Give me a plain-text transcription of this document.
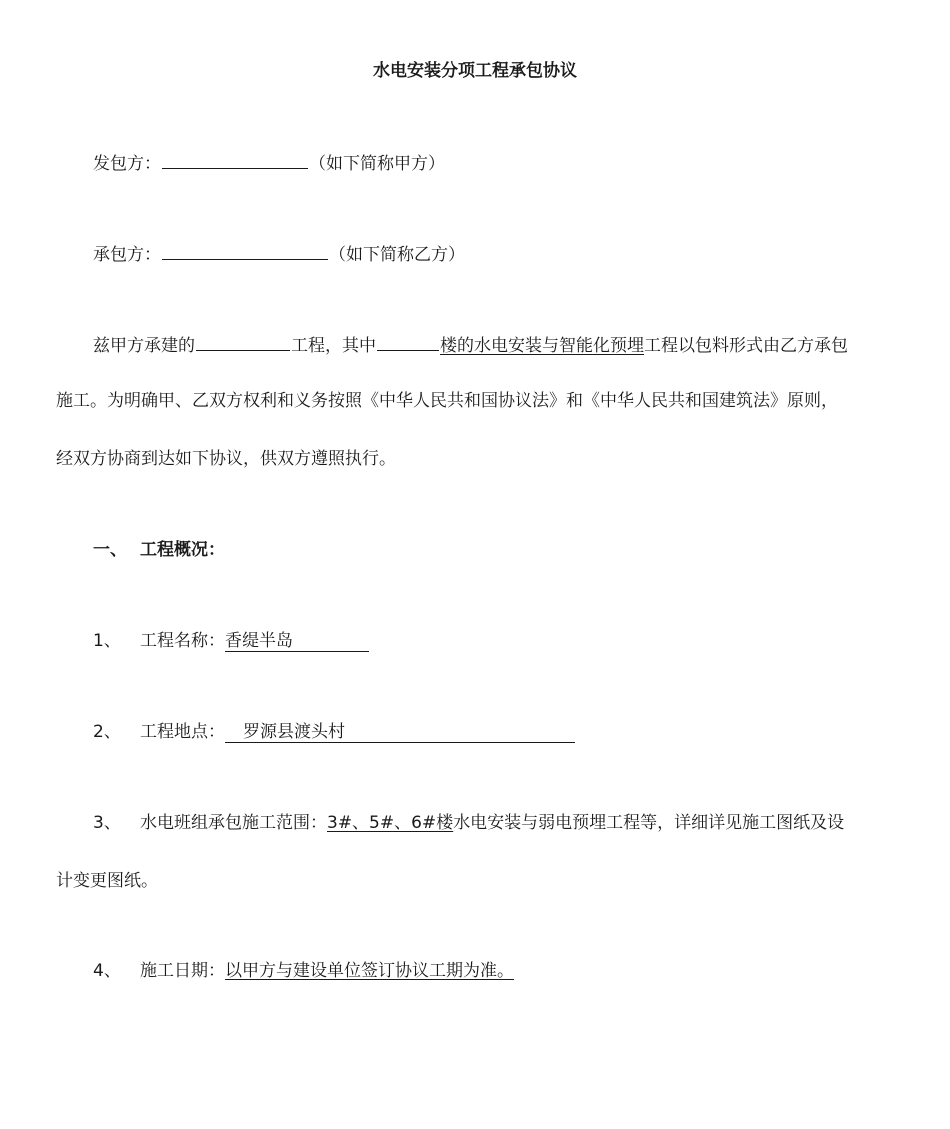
水电安装分项工程承包协议
发包方：	（如下简称甲方）
承包方：	（如下简称乙方）
兹甲方承建的	工程，其中	楼的水电安装与智能化预埋工程以包料形式由乙方承包
施工。为明确甲、乙双方权利和义务按照《中华人民共和国协议法》和《中华人民共和国建筑法》原则，
经双方协商到达如下协议，供双方遵照执行。
一、 工程概况：
1、 工程名称：香缇半岛
2、 工程地点： 罗源县渡头村
3、 水电班组承包施工范围：3#、5#、6#楼水电安装与弱电预埋工程等，详细详见施工图纸及设
计变更图纸。
4、 施工日期：以甲方与建设单位签订协议工期为准。
